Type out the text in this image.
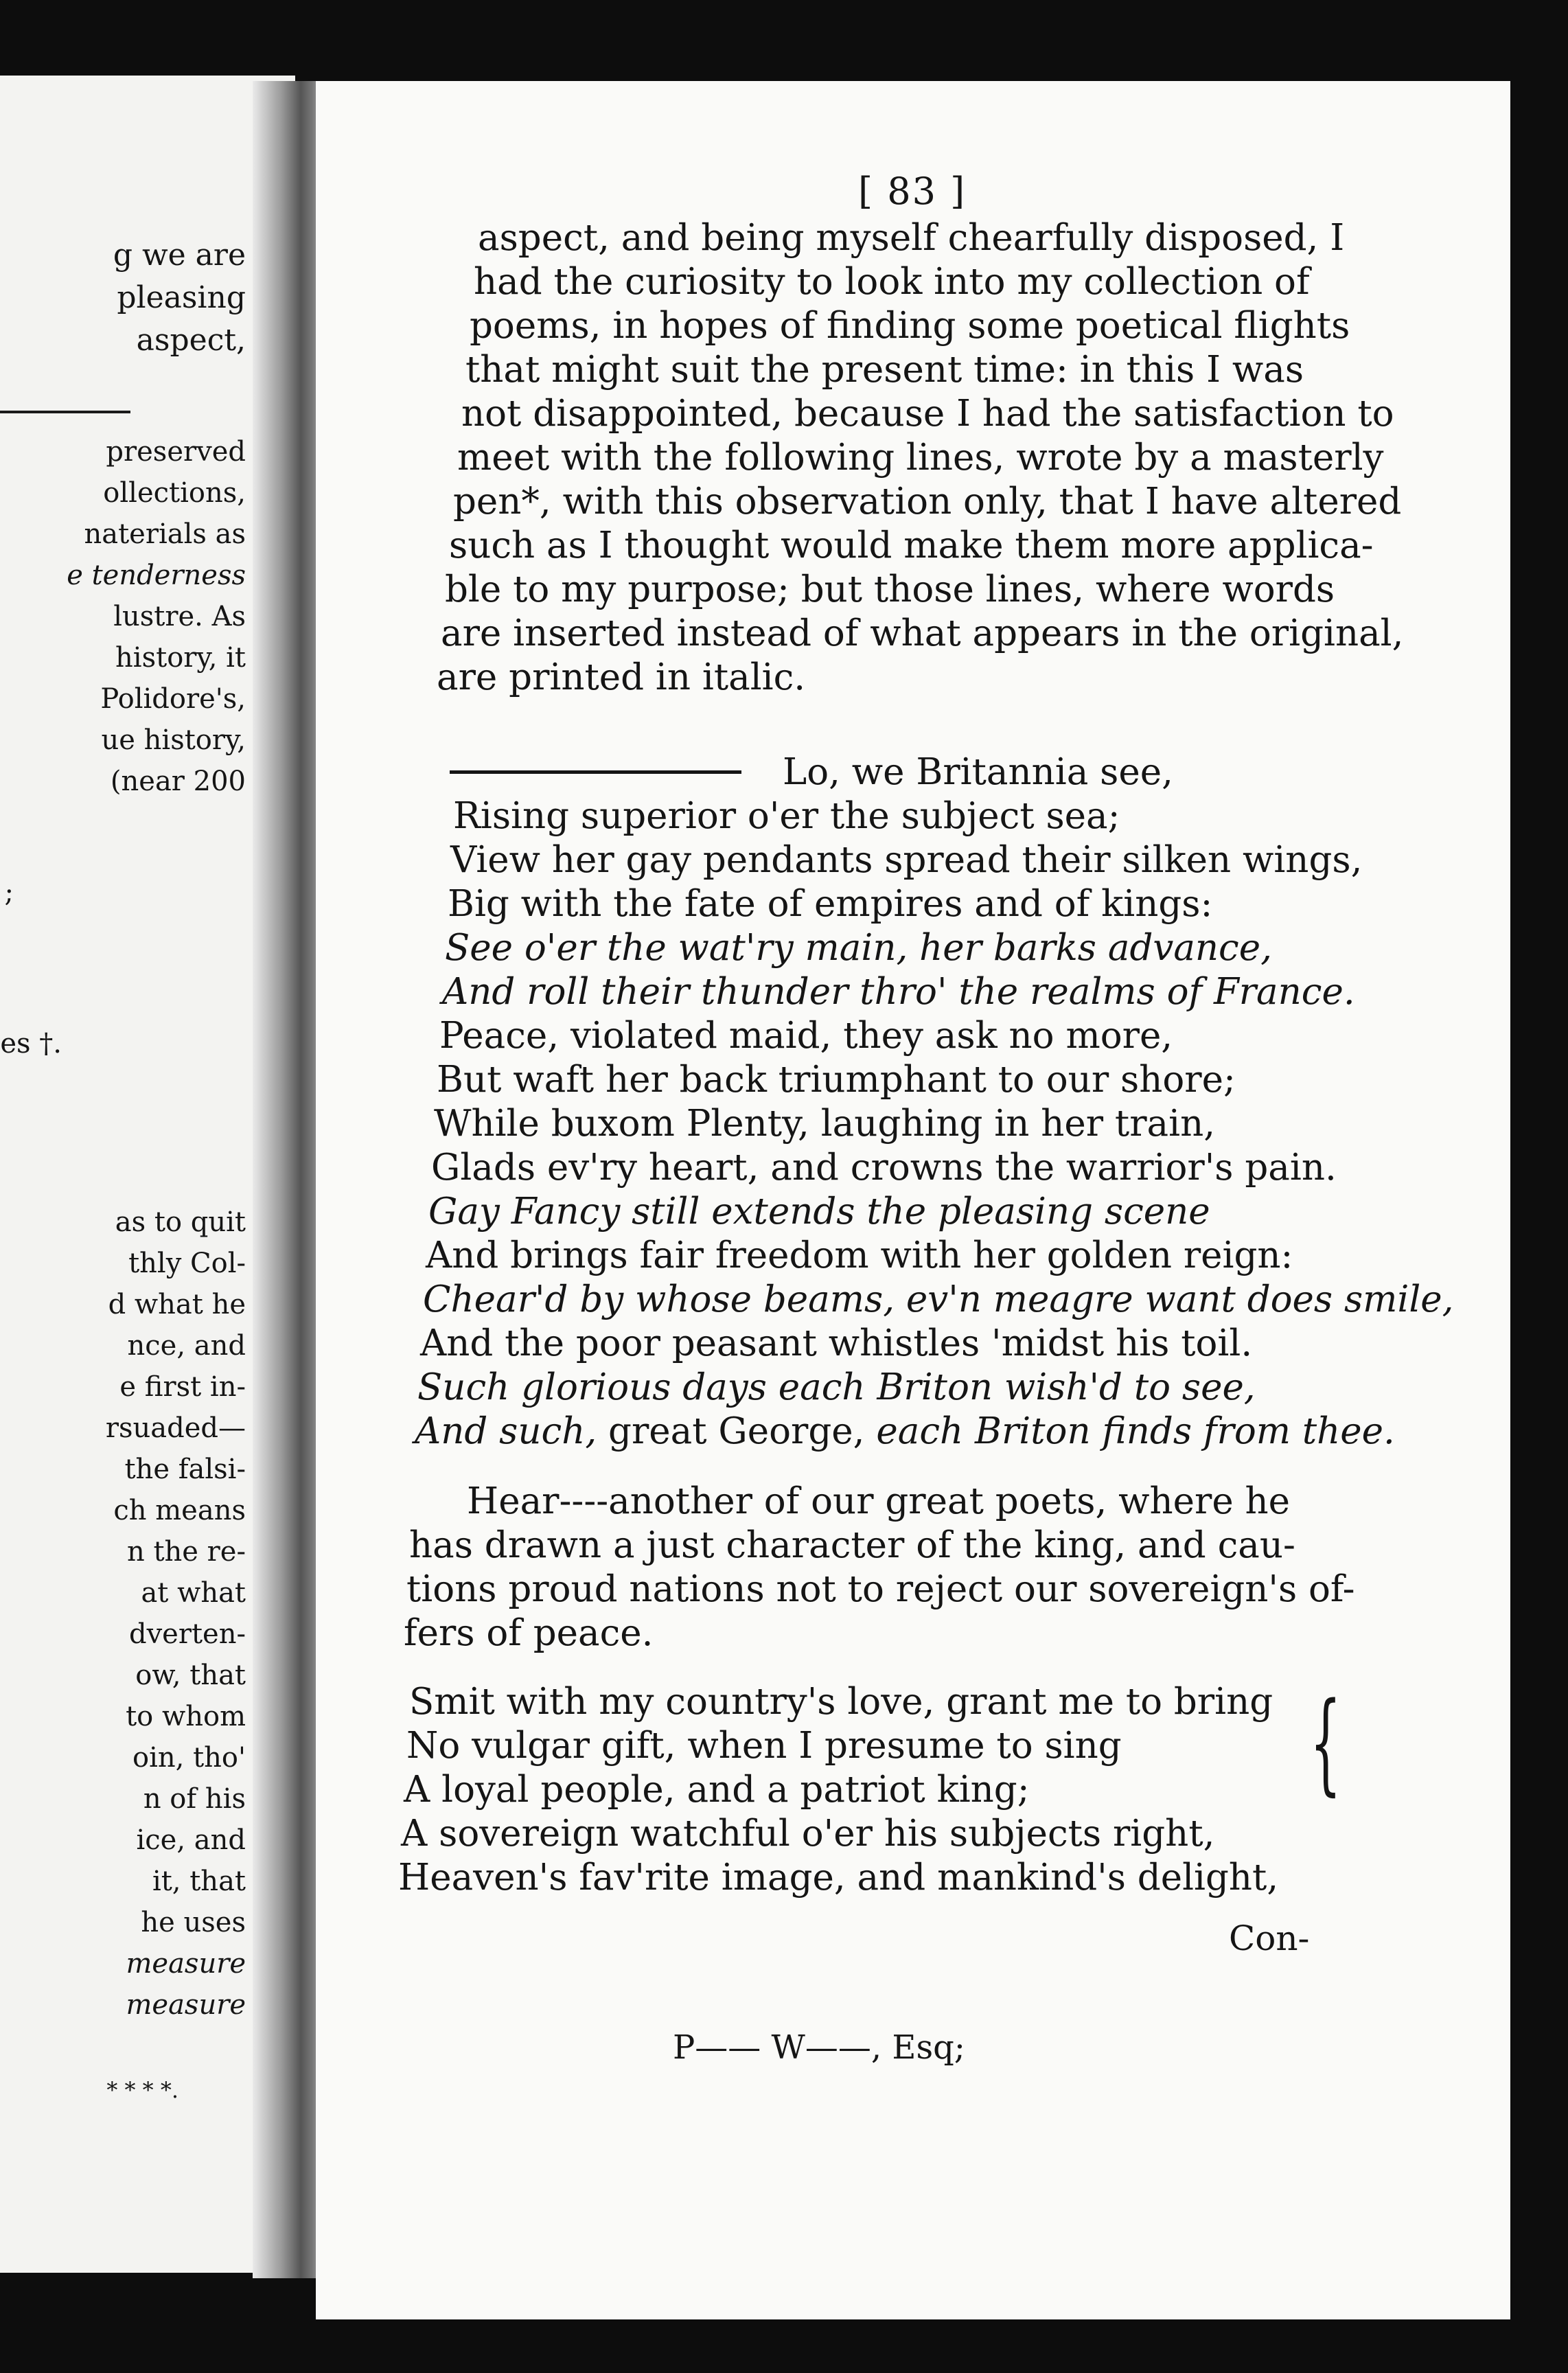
g we are
pleasing
aspect,
preserved
ollections,
naterials as
e tenderness
lustre. As
history, it
Polidore's,
ue history,
(near 200
;
es †.
as to quit
thly Col-
d what he
nce, and
e first in-
rsuaded—
the falsi-
ch means
n the re-
at what
dverten-
ow, that
to whom
oin, tho'
n of his
ice, and
it, that
he uses
measure
measure
* * * *.
[ 83 ]
aspect, and being myself chearfully disposed, I
had the curiosity to look into my collection of
poems, in hopes of finding some poetical flights
that might suit the present time: in this I was
not disappointed, because I had the satisfaction to
meet with the following lines, wrote by a masterly
pen*, with this observation only, that I have altered
such as I thought would make them more applica-
ble to my purpose; but those lines, where words
are inserted instead of what appears in the original,
are printed in italic.
Lo, we Britannia see,
Rising superior o'er the subject sea;
View her gay pendants spread their silken wings,
Big with the fate of empires and of kings:
See o'er the wat'ry main, her barks advance,
And roll their thunder thro' the realms of France.
Peace, violated maid, they ask no more,
But waft her back triumphant to our shore;
While buxom Plenty, laughing in her train,
Glads ev'ry heart, and crowns the warrior's pain.
Gay Fancy still extends the pleasing scene
And brings fair freedom with her golden reign:
Chear'd by whose beams, ev'n meagre want does smile,
And the poor peasant whistles 'midst his toil.
Such glorious days each Briton wish'd to see,
And such, great George, each Briton finds from thee.
Hear----another of our great poets, where he
has drawn a just character of the king, and cau-
tions proud nations not to reject our sovereign's of-
fers of peace.
Smit with my country's love, grant me to bring
No vulgar gift, when I presume to sing
A loyal people, and a patriot king;
A sovereign watchful o'er his subjects right,
Heaven's fav'rite image, and mankind's delight,
{
Con-
P—— W——, Esq;
